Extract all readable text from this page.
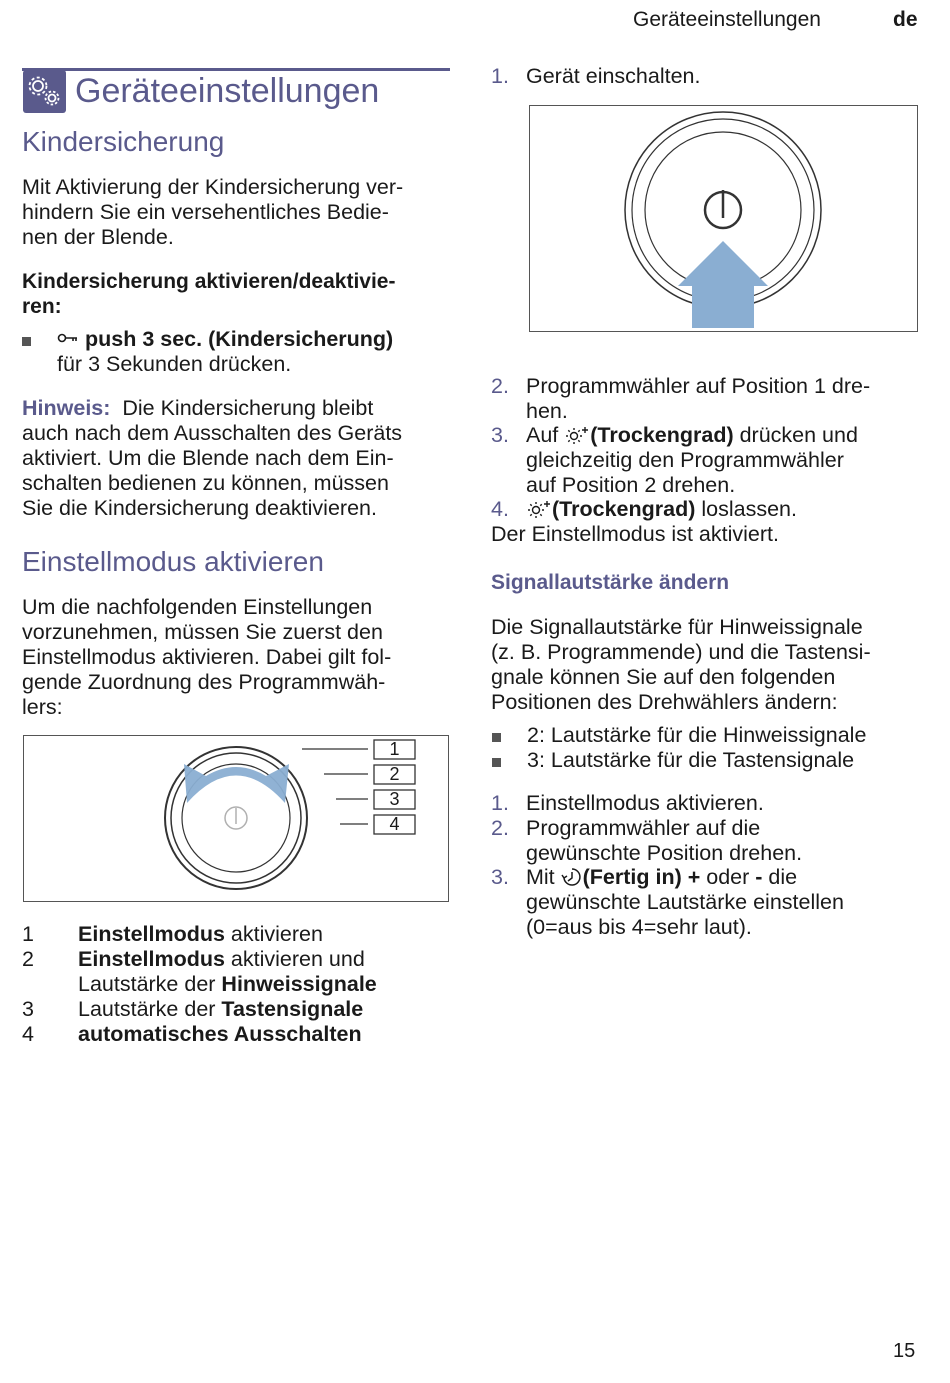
Geräteeinstellungen	de
Geräteeinstellungen
Kindersicherung
Mit Aktivierung der Kindersicherung ver-
hindern Sie ein versehentliches Bedie-
nen der Blende.
Kindersicherung aktivieren/deaktivie-
ren:
push 3 sec. (Kindersicherung)
für 3 Sekunden drücken.
Hinweis: Die Kindersicherung bleibt
auch nach dem Ausschalten des Geräts
aktiviert. Um die Blende nach dem Ein-
schalten bedienen zu können, müssen
Sie die Kindersicherung deaktivieren.
Einstellmodus aktivieren
Um die nachfolgenden Einstellungen
vorzunehmen, müssen Sie zuerst den
Einstellmodus aktivieren. Dabei gilt fol-
gende Zuordnung des Programmwäh-
lers:
1
2
3
4
1 Einstellmodus aktivieren
2 Einstellmodus aktivieren und
Lautstärke der Hinweissignale
3 Lautstärke der Tastensignale
4 automatisches Ausschalten
1. Gerät einschalten.
2. Programmwähler auf Position 1 dre-
hen.
3. Auf (Trockengrad) drücken und
gleichzeitig den Programmwähler
auf Position 2 drehen.
4.	(Trockengrad) loslassen.
Der Einstellmodus ist aktiviert.
Signallautstärke ändern
Die Signallautstärke für Hinweissignale
(z. B. Programmende) und die Tastensi-
gnale können Sie auf den folgenden
Positionen des Drehwählers ändern:
2: Lautstärke für die Hinweissignale
3: Lautstärke für die Tastensignale
1. Einstellmodus aktivieren.
2. Programmwähler auf die
gewünschte Position drehen.
3. Mit (Fertig in) + oder - die
gewünschte Lautstärke einstellen
(0=aus bis 4=sehr laut).
15
